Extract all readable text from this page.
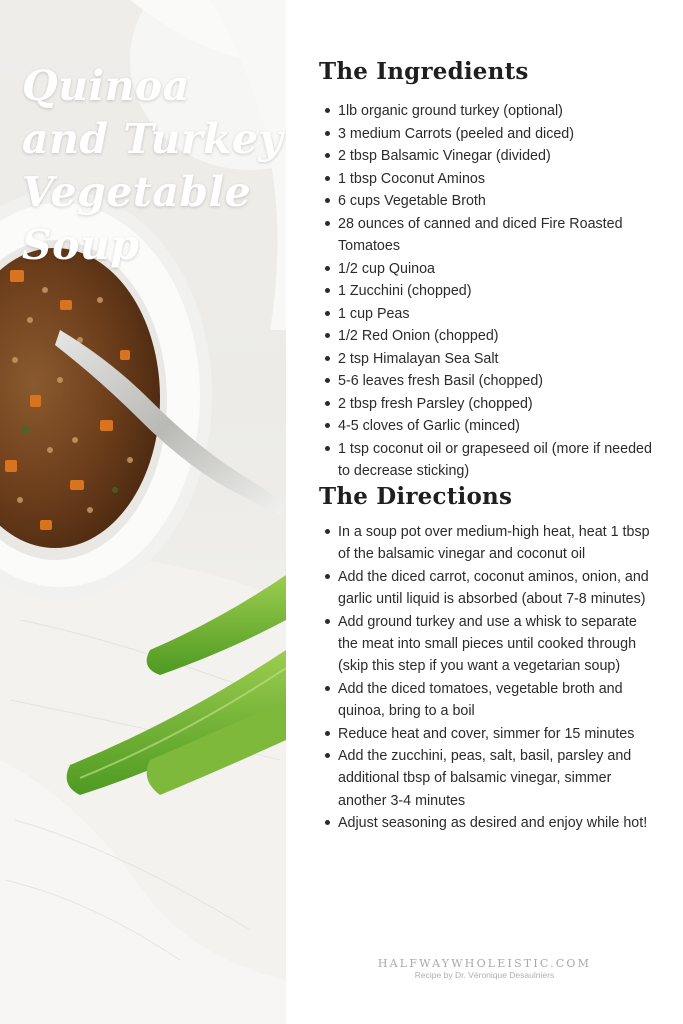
Quinoa and Turkey Vegetable Soup
The Ingredients
1lb organic ground turkey (optional)
3 medium Carrots (peeled and diced)
2 tbsp Balsamic Vinegar (divided)
1 tbsp Coconut Aminos
6 cups Vegetable Broth
28 ounces of canned and diced Fire Roasted Tomatoes
1/2 cup Quinoa
1 Zucchini (chopped)
1 cup Peas
1/2 Red Onion (chopped)
2 tsp Himalayan Sea Salt
5-6 leaves fresh Basil (chopped)
2 tbsp fresh Parsley (chopped)
4-5 cloves of Garlic (minced)
1 tsp coconut oil or grapeseed oil (more if needed to decrease sticking)
The Directions
In a soup pot over medium-high heat, heat 1 tbsp of the balsamic vinegar and coconut oil
Add the diced carrot, coconut aminos, onion, and garlic until liquid is absorbed (about 7-8 minutes)
Add ground turkey and use a whisk to separate the meat into small pieces until cooked through (skip this step if you want a vegetarian soup)
Add the diced tomatoes, vegetable broth and quinoa, bring to a boil
Reduce heat and cover, simmer for 15 minutes
Add the zucchini, peas, salt, basil, parsley and additional tbsp of balsamic vinegar, simmer another 3-4 minutes
Adjust seasoning as desired and enjoy while hot!

HALFWAYWHOLEISTIC.COM

Recipe by Dr. Véronique Desaulniers
